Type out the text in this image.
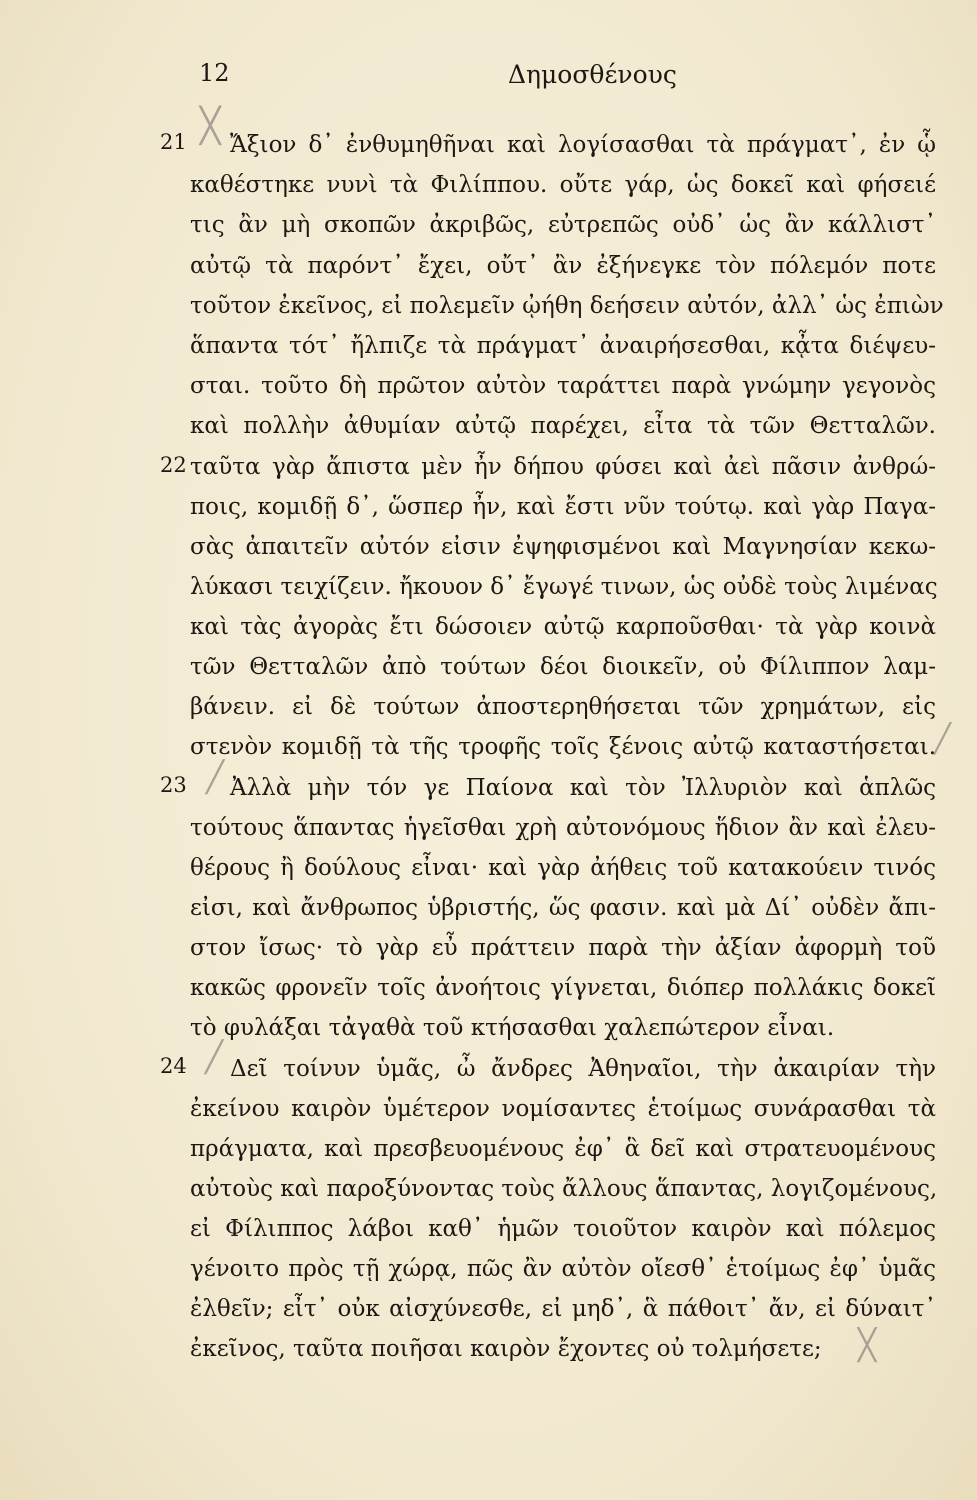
12	Δημοσθένους
21 ╳ Ἄξιον δ᾽ ἐνθυμηθῆναι καὶ λογίσασθαι τὰ πράγματ᾽, ἐν ᾧ
καθέστηκε νυνὶ τὰ Φιλίππου. οὔτε γάρ, ὡς δοκεῖ καὶ φήσειέ
τις ἂν μὴ σκοπῶν ἀκριβῶς, εὐτρεπῶς οὐδ᾽ ὡς ἂν κάλλιστ᾽
αὐτῷ τὰ παρόντ᾽ ἔχει, οὔτ᾽ ἂν ἐξήνεγκε τὸν πόλεμόν ποτε
τοῦτον ἐκεῖνος, εἰ πολεμεῖν ᾠήθη δεήσειν αὐτόν, ἀλλ᾽ ὡς ἐπιὼν
ἅπαντα τότ᾽ ἤλπιζε τὰ πράγματ᾽ ἀναιρήσεσθαι, κᾆτα διέψευ-
σται. τοῦτο δὴ πρῶτον αὐτὸν ταράττει παρὰ γνώμην γεγονὸς
καὶ πολλὴν ἀθυμίαν αὐτῷ παρέχει, εἶτα τὰ τῶν Θετταλῶν.
22 ταῦτα γὰρ ἄπιστα μὲν ἦν δήπου φύσει καὶ ἀεὶ πᾶσιν ἀνθρώ-
ποις, κομιδῇ δ᾽, ὥσπερ ἦν, καὶ ἔστι νῦν τούτῳ. καὶ γὰρ Παγα-
σὰς ἀπαιτεῖν αὐτόν εἰσιν ἐψηφισμένοι καὶ Μαγνησίαν κεκω-
λύκασι τειχίζειν. ἤκουον δ᾽ ἔγωγέ τινων, ὡς οὐδὲ τοὺς λιμένας
καὶ τὰς ἀγορὰς ἔτι δώσοιεν αὐτῷ καρποῦσθαι· τὰ γὰρ κοινὰ
τῶν Θετταλῶν ἀπὸ τούτων δέοι διοικεῖν, οὐ Φίλιππον λαμ-
βάνειν. εἰ δὲ τούτων ἀποστερηθήσεται τῶν χρημάτων, εἰς
στενὸν κομιδῇ τὰ τῆς τροφῆς τοῖς ξένοις αὐτῷ καταστήσεται.
╱
23 ╱ Ἀλλὰ μὴν τόν γε Παίονα καὶ τὸν Ἰλλυριὸν καὶ ἁπλῶς
τούτους ἅπαντας ἡγεῖσθαι χρὴ αὐτονόμους ἥδιον ἂν καὶ ἐλευ-
θέρους ἢ δούλους εἶναι· καὶ γὰρ ἀήθεις τοῦ κατακούειν τινός
εἰσι, καὶ ἄνθρωπος ὑβριστής, ὥς φασιν. καὶ μὰ Δί᾽ οὐδὲν ἄπι-
στον ἴσως· τὸ γὰρ εὖ πράττειν παρὰ τὴν ἀξίαν ἀφορμὴ τοῦ
κακῶς φρονεῖν τοῖς ἀνοήτοις γίγνεται, διόπερ πολλάκις δοκεῖ
τὸ φυλάξαι τἀγαθὰ τοῦ κτήσασθαι χαλεπώτερον εἶναι.
24 ╱ Δεῖ τοίνυν ὑμᾶς, ὦ ἄνδρες Ἀθηναῖοι, τὴν ἀκαιρίαν τὴν
ἐκείνου καιρὸν ὑμέτερον νομίσαντες ἑτοίμως συνάρασθαι τὰ
πράγματα, καὶ πρεσβευομένους ἐφ᾽ ἃ δεῖ καὶ στρατευομένους
αὐτοὺς καὶ παροξύνοντας τοὺς ἄλλους ἅπαντας, λογιζομένους,
εἰ Φίλιππος λάβοι καθ᾽ ἡμῶν τοιοῦτον καιρὸν καὶ πόλεμος
γένοιτο πρὸς τῇ χώρᾳ, πῶς ἂν αὐτὸν οἴεσθ᾽ ἑτοίμως ἐφ᾽ ὑμᾶς
ἐλθεῖν; εἶτ᾽ οὐκ αἰσχύνεσθε, εἰ μηδ᾽, ἃ πάθοιτ᾽ ἄν, εἰ δύναιτ᾽
ἐκεῖνος, ταῦτα ποιῆσαι καιρὸν ἔχοντες οὐ τολμήσετε;	╳
